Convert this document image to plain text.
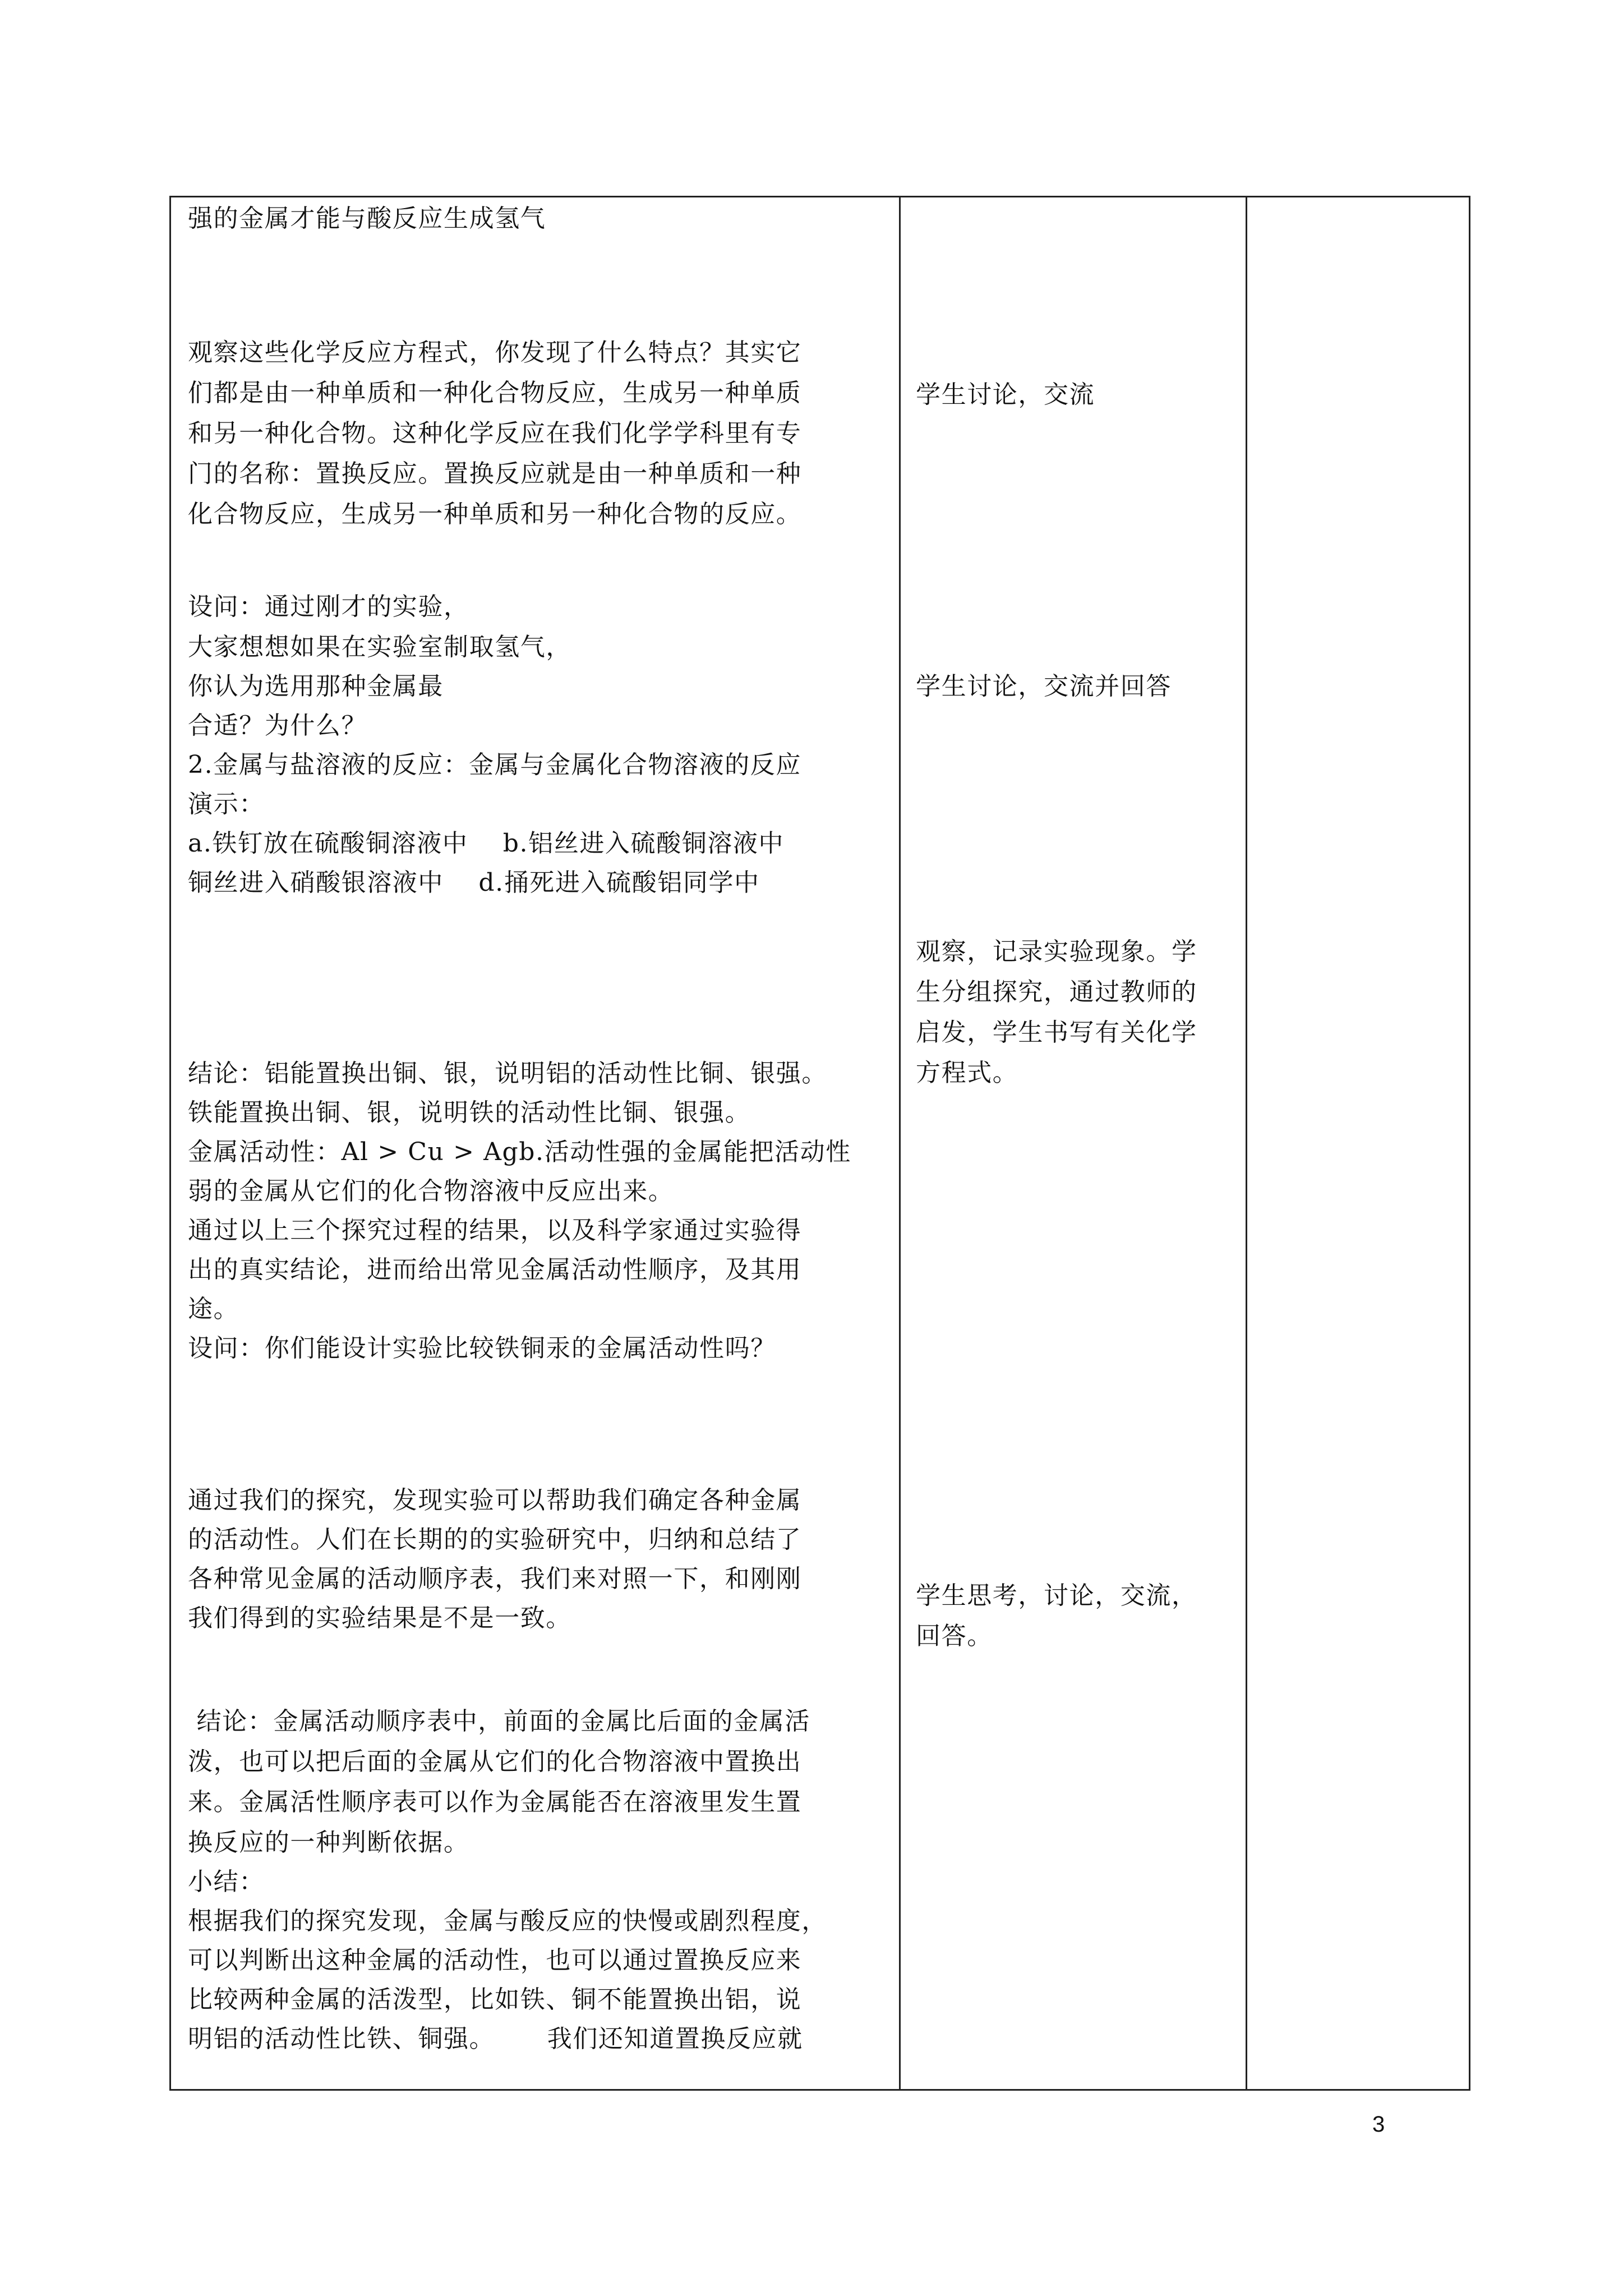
强的金属才能与酸反应生成氢气
观察这些化学反应方程式，你发现了什么特点？其实它
们都是由一种单质和一种化合物反应，生成另一种单质
和另一种化合物。这种化学反应在我们化学学科里有专
门的名称：置换反应。置换反应就是由一种单质和一种
化合物反应，生成另一种单质和另一种化合物的反应。
设问：通过刚才的实验，
大家想想如果在实验室制取氢气，
你认为选用那种金属最
合适？为什么？
2.金属与盐溶液的反应：金属与金属化合物溶液的反应
演示：
a.铁钉放在硫酸铜溶液中    b.铝丝进入硫酸铜溶液中
铜丝进入硝酸银溶液中    d.捅死进入硫酸铝同学中
结论：铝能置换出铜、银，说明铝的活动性比铜、银强。
铁能置换出铜、银，说明铁的活动性比铜、银强。
金属活动性：Al > Cu > Agb.活动性强的金属能把活动性
弱的金属从它们的化合物溶液中反应出来。
通过以上三个探究过程的结果，以及科学家通过实验得
出的真实结论，进而给出常见金属活动性顺序，及其用
途。
设问：你们能设计实验比较铁铜汞的金属活动性吗？
通过我们的探究，发现实验可以帮助我们确定各种金属
的活动性。人们在长期的的实验研究中，归纳和总结了
各种常见金属的活动顺序表，我们来对照一下，和刚刚
我们得到的实验结果是不是一致。
结论：金属活动顺序表中，前面的金属比后面的金属活
泼，也可以把后面的金属从它们的化合物溶液中置换出
来。金属活性顺序表可以作为金属能否在溶液里发生置
换反应的一种判断依据。
小结：
根据我们的探究发现，金属与酸反应的快慢或剧烈程度，
可以判断出这种金属的活动性，也可以通过置换反应来
比较两种金属的活泼型，比如铁、铜不能置换出铝，说
明铝的活动性比铁、铜强。      我们还知道置换反应就
学生讨论，交流
学生讨论，交流并回答
观察，记录实验现象。学
生分组探究，通过教师的
启发，学生书写有关化学
方程式。
学生思考，讨论，交流，
回答。
3
